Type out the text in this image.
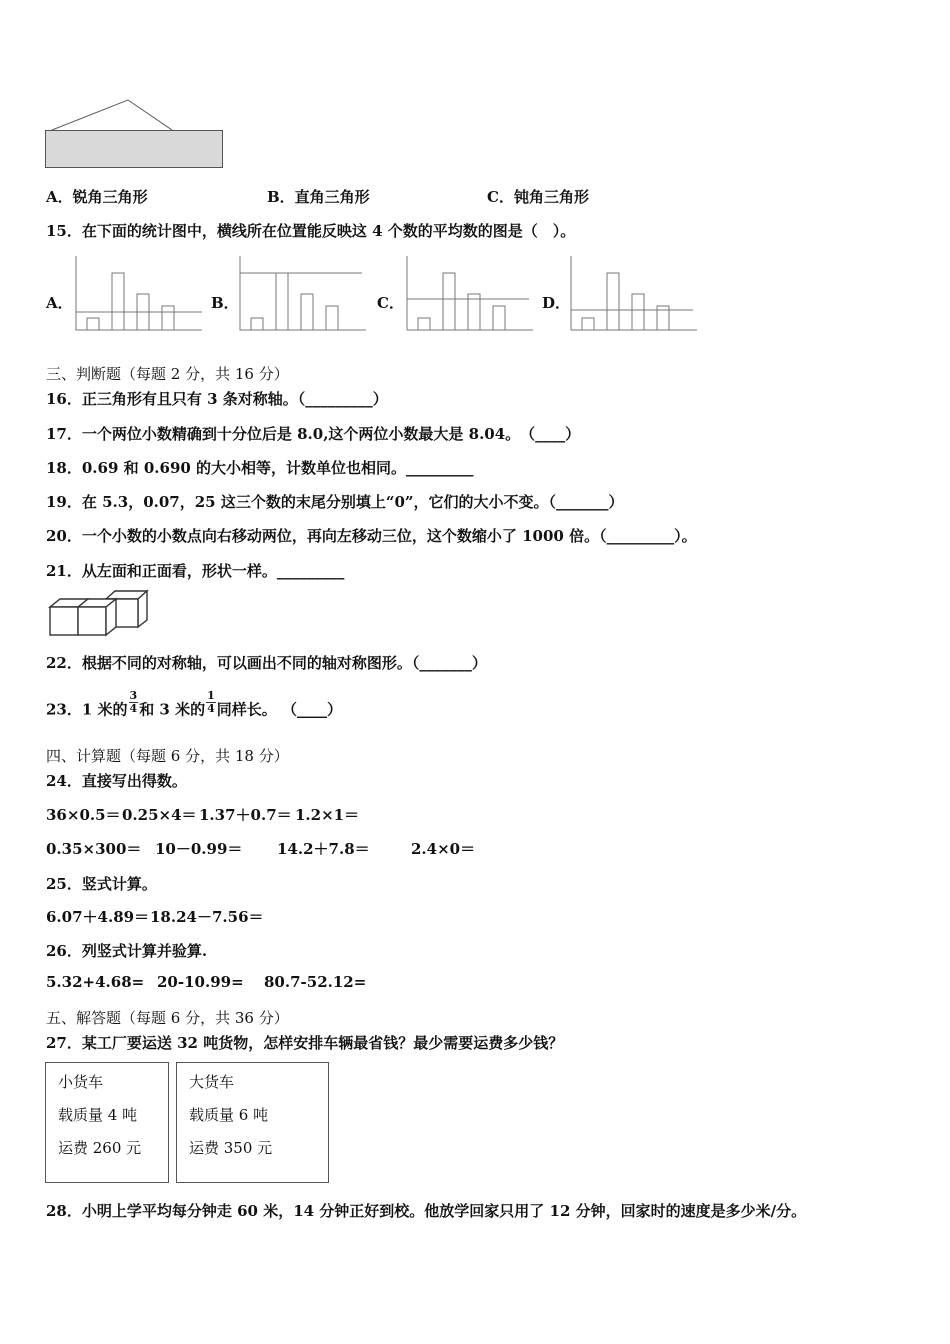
A．锐角三角形	B．直角三角形	C．钝角三角形
15．在下面的统计图中，横线所在位置能反映这 4 个数的平均数的图是（　）。
A．	B．	C．	D．
三、判断题（每题 2 分，共 16 分）
16．正三角形有且只有 3 条对称轴。（_________）
17．一个两位小数精确到十分位后是 8.0,这个两位小数最大是 8.04。　（____）
18．0.69 和 0.690 的大小相等，计数单位也相同。_________
19．在 5.3，0.07，25 这三个数的末尾分别填上“0”，它们的大小不变。（_______）
20．一个小数的小数点向右移动两位，再向左移动三位，这个数缩小了 1000 倍。（_________）。
21．从左面和正面看，形状一样。_________
22．根据不同的对称轴，可以画出不同的轴对称图形。（_______）
23．1 米的 $\frac{3}{4}$ 和 3 米的 $\frac{1}{4}$ 同样长。 （____）
四、计算题（每题 6 分，共 18 分）
24．直接写出得数。
36×0.5＝ 0.25×4＝ 1.37＋0.7＝ 1.2×1＝
0.35×300＝ 10－0.99＝ 14.2＋7.8＝	2.4×0＝
25．竖式计算。
6.07＋4.89＝ 18.24－7.56＝
26．列竖式计算并验算.
5.32+4.68= 20-10.99= 80.7-52.12=
五、解答题（每题 6 分，共 36 分）
27．某工厂要运送 32 吨货物，怎样安排车辆最省钱？最少需要运费多少钱？
小货车
载质量 4 吨
运费 260 元
大货车
载质量 6 吨
运费 350 元
28．小明上学平均每分钟走 60 米，14 分钟正好到校。他放学回家只用了 12 分钟，回家时的速度是多少米/分。
